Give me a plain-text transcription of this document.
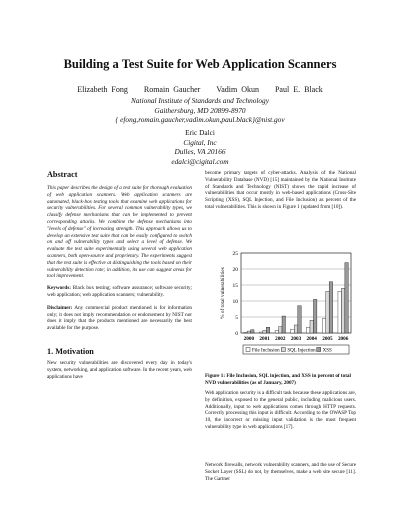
Building a Test Suite for Web Application Scanners
Elizabeth Fong Romain Gaucher Vadim Okun Paul E. Black
National Institute of Standards and Technology
Gaithersburg, MD 20899-8970
{ efong,romain.gaucher,vadim.okun,paul.black}@nist.gov
Eric Dalci
Cigital, Inc
Dulles, VA 20166
edalci@cigital.com
Abstract

This paper describes the design of a test suite for thorough evaluation of web application scanners. Web application scanners are automated, black-box testing tools that examine web applications for security vulnerabilities. For several common vulnerability types, we classify defense mechanisms that can be implemented to prevent corresponding attacks. We combine the defense mechanisms into "levels of defense" of increasing strength. This approach allows us to develop an extensive test suite that can be easily configured to switch on and off vulnerability types and select a level of defense. We evaluate the test suite experimentally using several web application scanners, both open-source and proprietary. The experiments suggest that the test suite is effective at distinguishing the tools based on their vulnerability detection rate; in addition, its use can suggest areas for tool improvement.

Keywords: Black box testing; software assurance; software security; web application; web application scanners; vulnerability.

Disclaimer: Any commercial product mentioned is for information only; it does not imply recommendation or endorsement by NIST nor does it imply that the products mentioned are necessarily the best available for the purpose.

1. Motivation

New security vulnerabilities are discovered every day in today's system, networking, and application software. In the recent years, web applications have

become primary targets of cyber-attacks. Analysis of the National Vulnerability Database (NVD) [15] maintained by the National Institute of Standards and Technology (NIST) shows the rapid increase of vulnerabilities that occur mostly in web-based applications (Cross-Site Scripting (XSS), SQL Injection, and File Inclusion) as percent of the total vulnerabilities. This is shown in Figure 1 (updated from [10]).

0
5
10
15
20
25
% of total vulnerabilities
2000 2001 2002 2003 2004 2005 2006
File Inclusion SQL Injection XSS
Figure 1: File Inclusion, SQL injection, and XSS in percent of total NVD vulnerabilities (as of January, 2007)

Web application security is a difficult task because these applications are, by definition, exposed to the general public, including malicious users. Additionally, input to web applications comes through HTTP requests. Correctly processing this input is difficult. According to the OWASP Top 10, the incorrect or missing input validation is the most frequent vulnerability type in web applications [17].

Network firewalls, network vulnerability scanners, and the use of Secure Socket Layer (SSL) do not, by themselves, make a web site secure [11]. The Gartner
